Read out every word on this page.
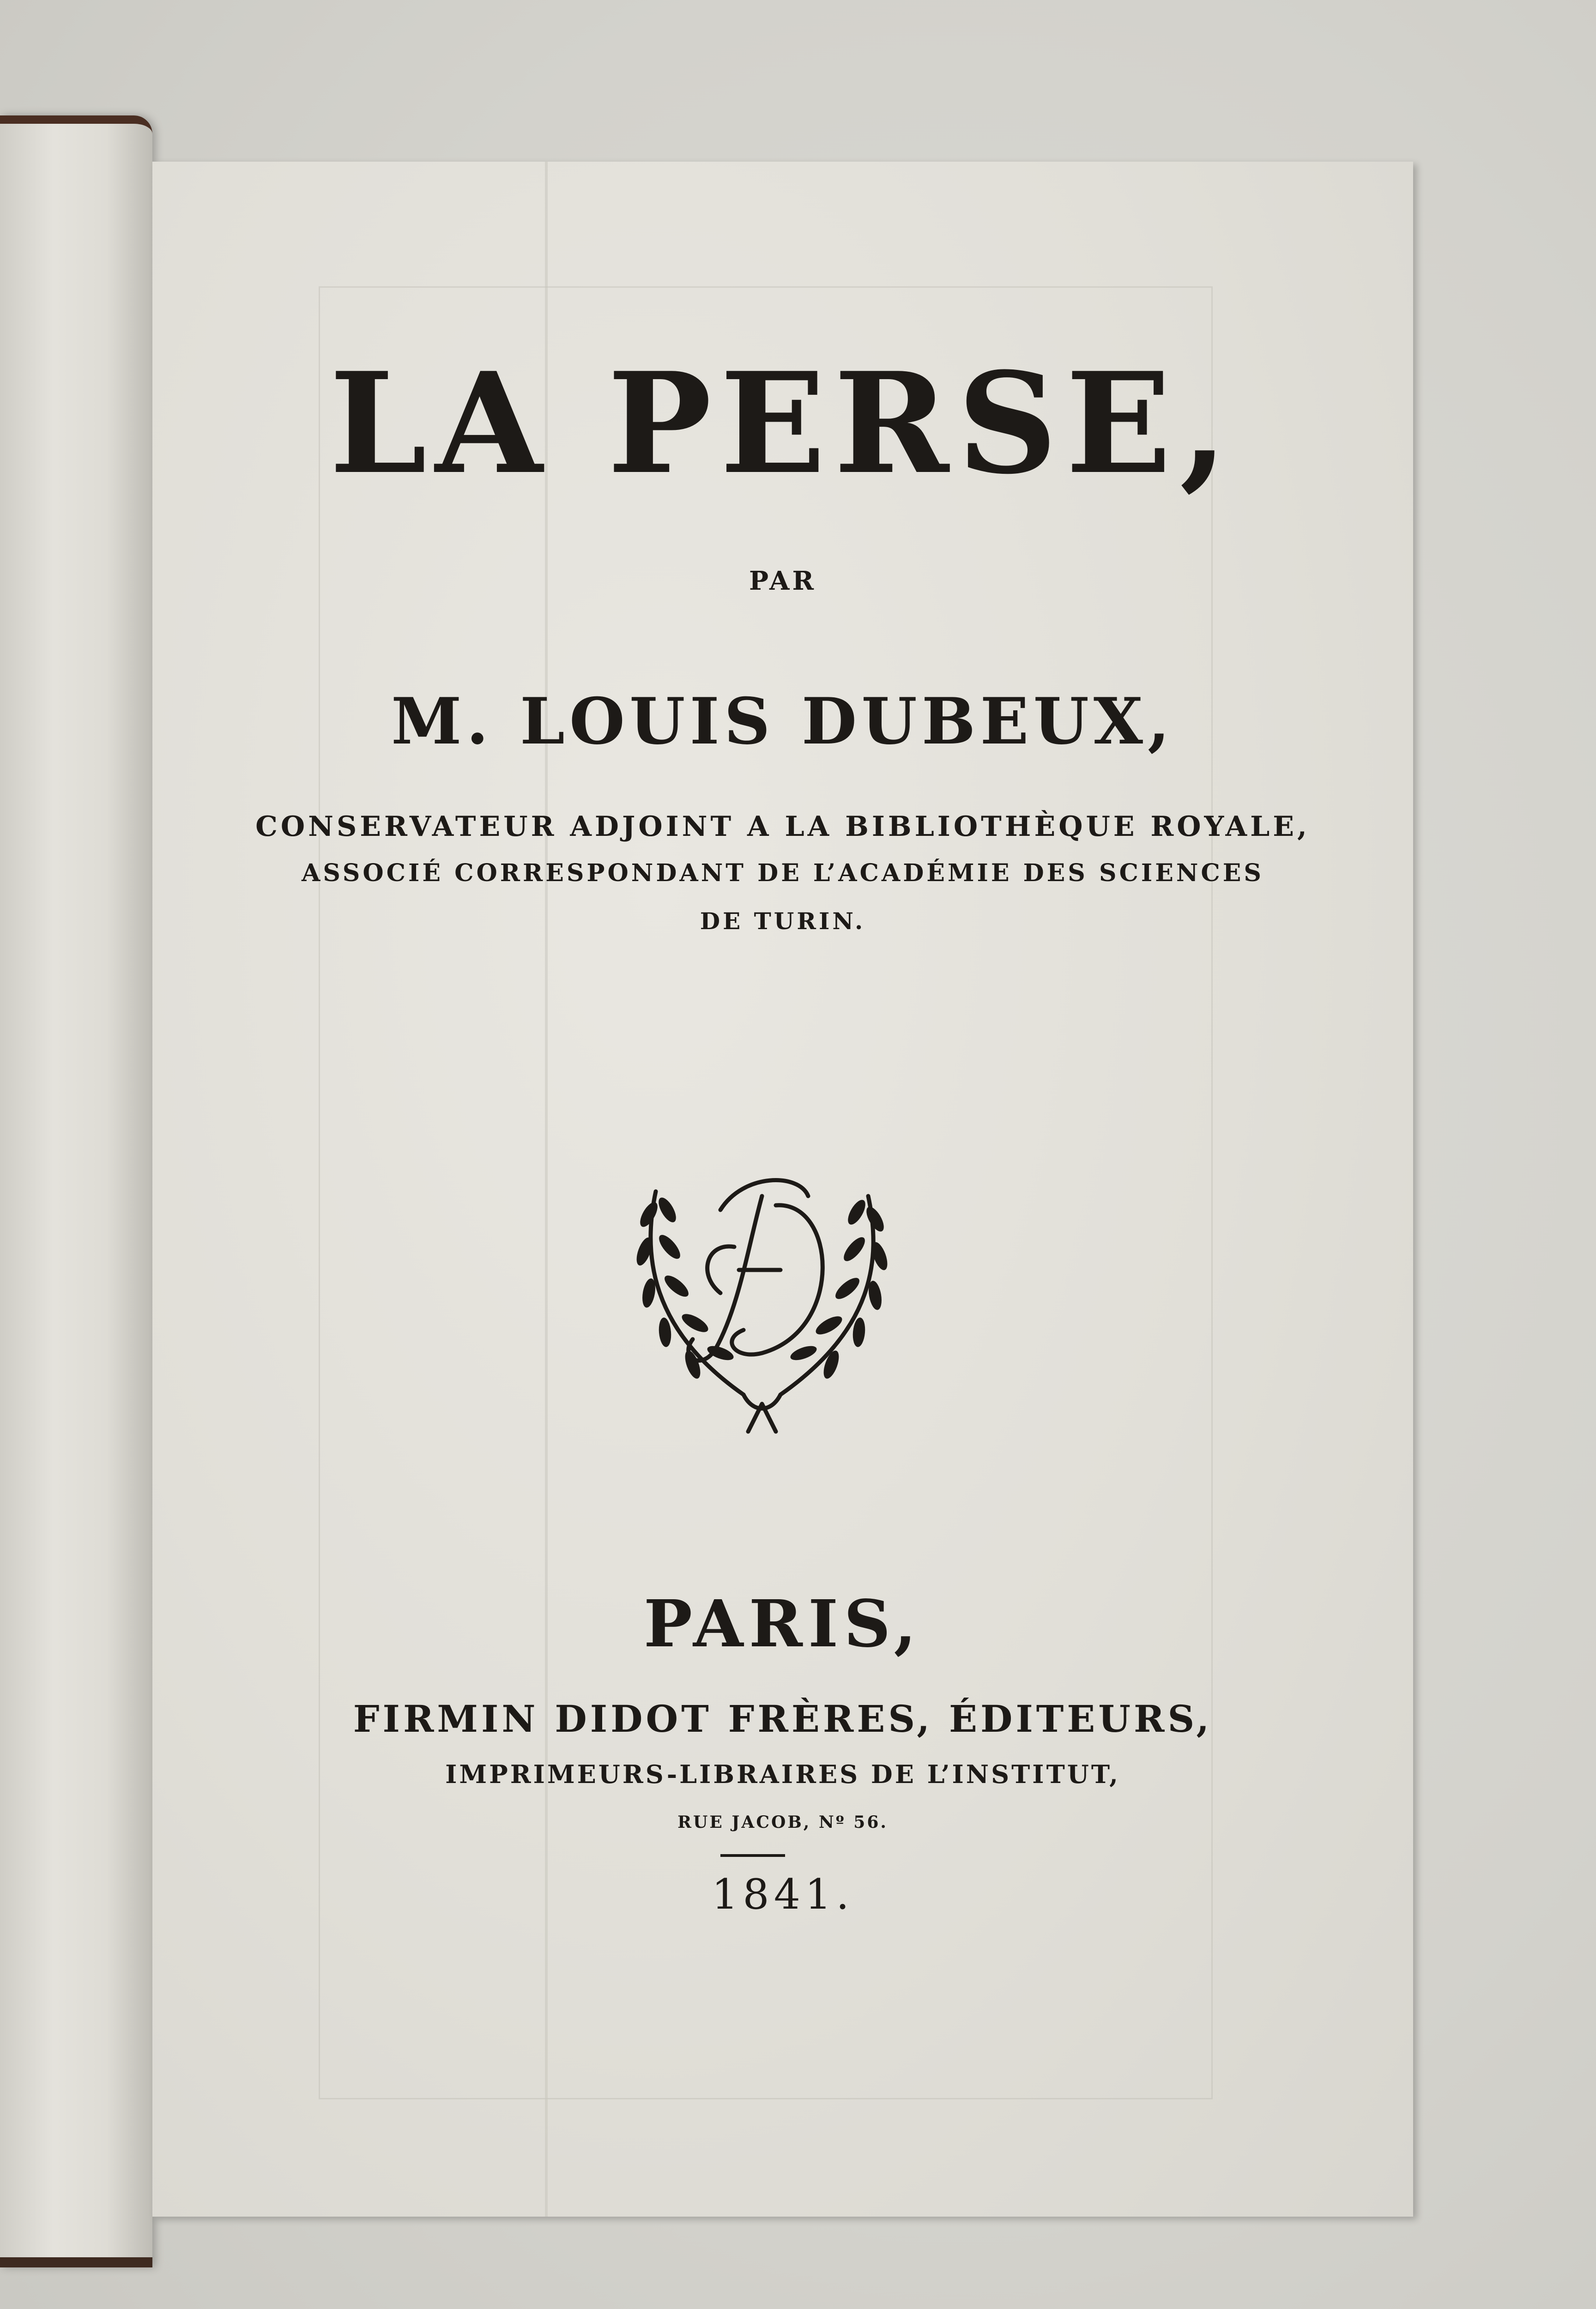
LA PERSE,
PAR
M. LOUIS DUBEUX,
CONSERVATEUR ADJOINT A LA BIBLIOTHÈQUE ROYALE,
ASSOCIÉ CORRESPONDANT DE L’ACADÉMIE DES SCIENCES
DE TURIN.
PARIS,
FIRMIN DIDOT FRÈRES, ÉDITEURS,
IMPRIMEURS-LIBRAIRES DE L’INSTITUT,
RUE JACOB, Nº 56.
1841.
